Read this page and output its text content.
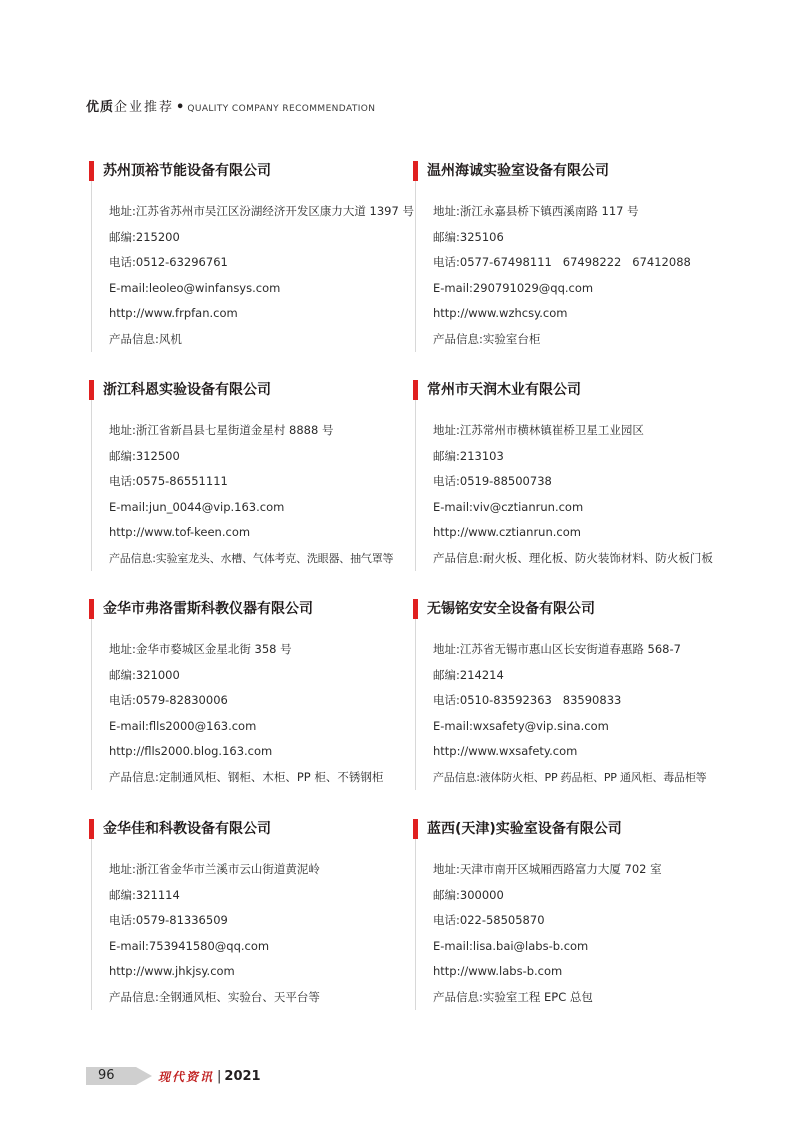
优质企业推荐 • QUALITY COMPANY RECOMMENDATION
苏州顶裕节能设备有限公司
地址:江苏省苏州市吴江区汾湖经济开发区康力大道 1397 号
邮编:215200
电话:0512-63296761
E-mail:leoleo@winfansys.com
http://www.frpfan.com
产品信息:风机
温州海诚实验室设备有限公司
地址:浙江永嘉县桥下镇西溪南路 117 号
邮编:325106
电话:0577-67498111   67498222   67412088
E-mail:290791029@qq.com
http://www.wzhcsy.com
产品信息:实验室台柜
浙江科恩实验设备有限公司
地址:浙江省新昌县七星街道金星村 8888 号
邮编:312500
电话:0575-86551111
E-mail:jun_0044@vip.163.com
http://www.tof-keen.com
产品信息:实验室龙头、水槽、气体考克、洗眼器、抽气罩等
常州市天润木业有限公司
地址:江苏常州市横林镇崔桥卫星工业园区
邮编:213103
电话:0519-88500738
E-mail:viv@cztianrun.com
http://www.cztianrun.com
产品信息:耐火板、理化板、防火装饰材料、防火板门板
金华市弗洛雷斯科教仪器有限公司
地址:金华市婺城区金星北街 358 号
邮编:321000
电话:0579-82830006
E-mail:flls2000@163.com
http://flls2000.blog.163.com
产品信息:定制通风柜、钢柜、木柜、PP 柜、不锈钢柜
无锡铭安安全设备有限公司
地址:江苏省无锡市惠山区长安街道春惠路 568-7
邮编:214214
电话:0510-83592363   83590833
E-mail:wxsafety@vip.sina.com
http://www.wxsafety.com
产品信息:液体防火柜、PP 药品柜、PP 通风柜、毒品柜等
金华佳和科教设备有限公司
地址:浙江省金华市兰溪市云山街道黄泥岭
邮编:321114
电话:0579-81336509
E-mail:753941580@qq.com
http://www.jhkjsy.com
产品信息:全钢通风柜、实验台、天平台等
蓝西(天津)实验室设备有限公司
地址:天津市南开区城厢西路富力大厦 702 室
邮编:300000
电话:022-58505870
E-mail:lisa.bai@labs-b.com
http://www.labs-b.com
产品信息:实验室工程 EPC 总包
96	现代资讯 | 2021
